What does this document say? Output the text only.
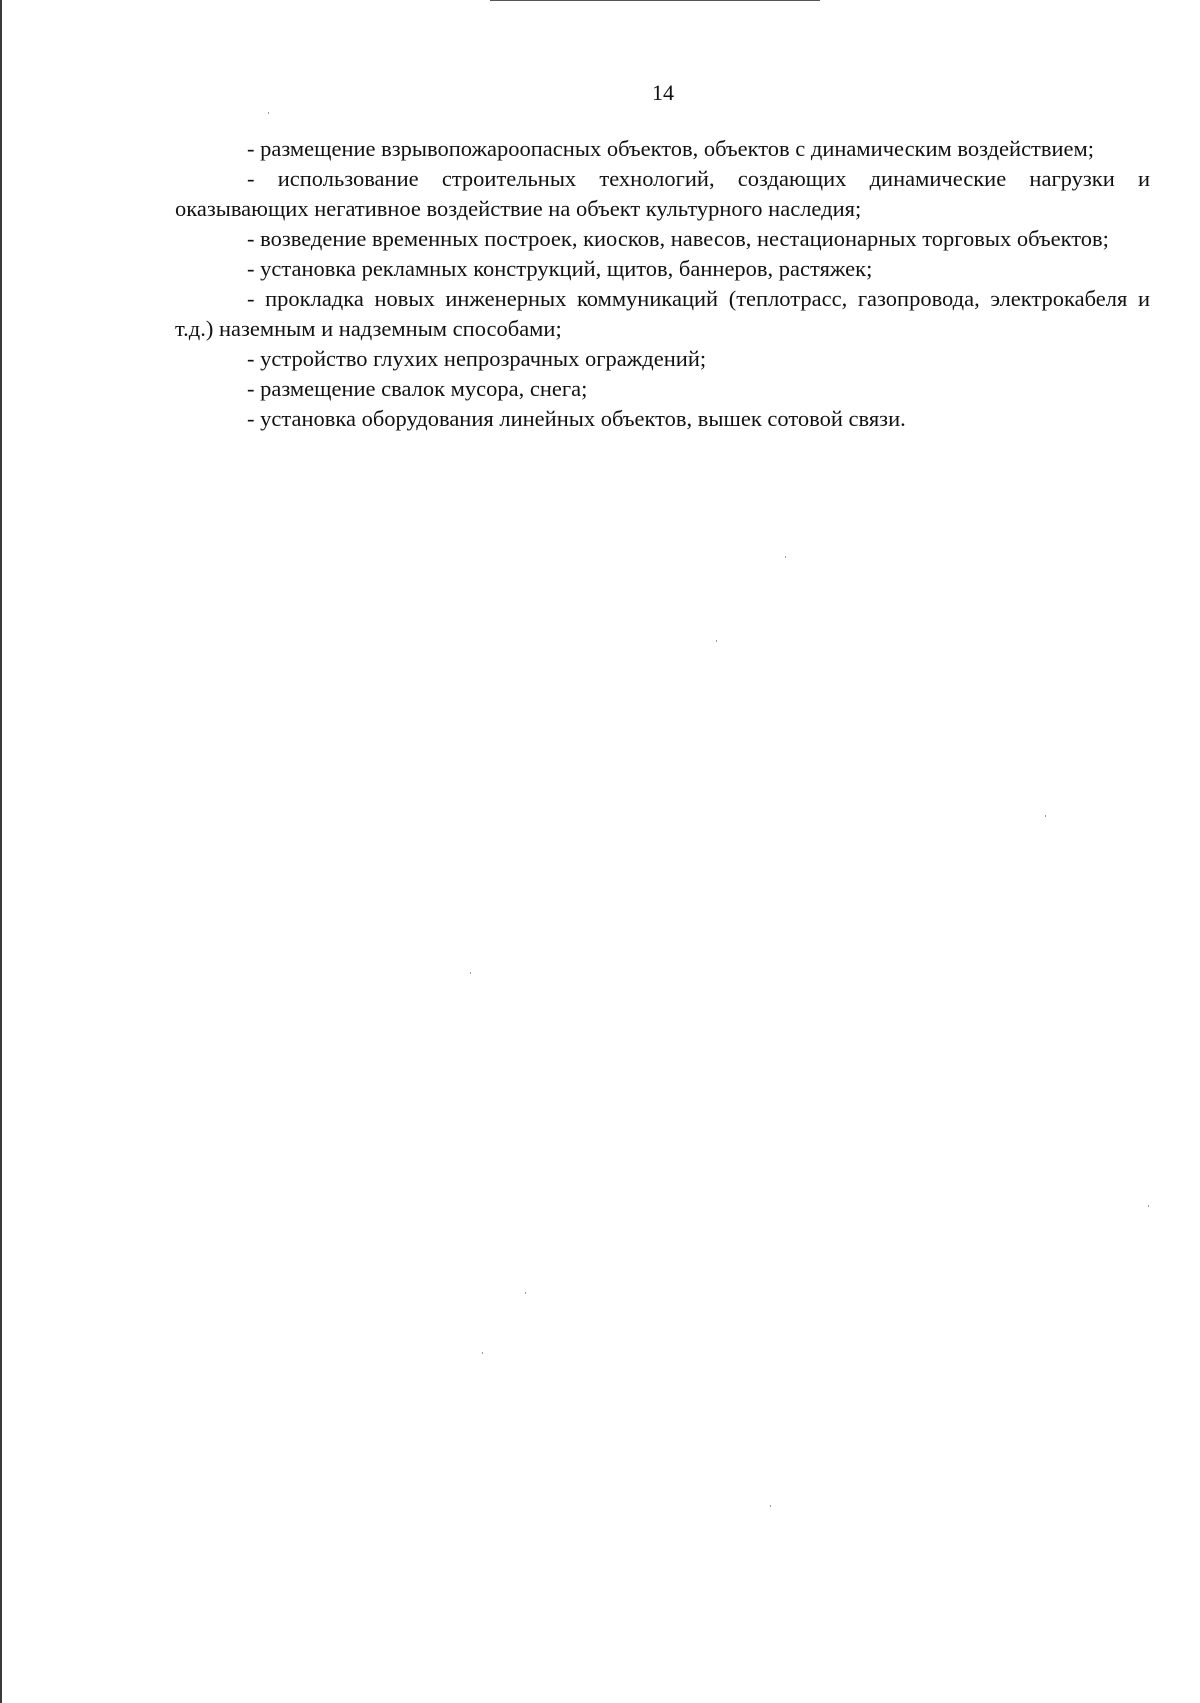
14

- размещение взрывопожароопасных объектов, объектов с динамическим воздействием;

- использование строительных технологий, создающих динамические нагрузки и оказывающих негативное воздействие на объект культурного наследия;

- возведение временных построек, киосков, навесов, нестационарных торговых объектов;

- установка рекламных конструкций, щитов, баннеров, растяжек;

- прокладка новых инженерных коммуникаций (теплотрасс, газопровода, электрокабеля и т.д.) наземным и надземным способами;

- устройство глухих непрозрачных ограждений;

- размещение свалок мусора, снега;

- установка оборудования линейных объектов, вышек сотовой связи.
